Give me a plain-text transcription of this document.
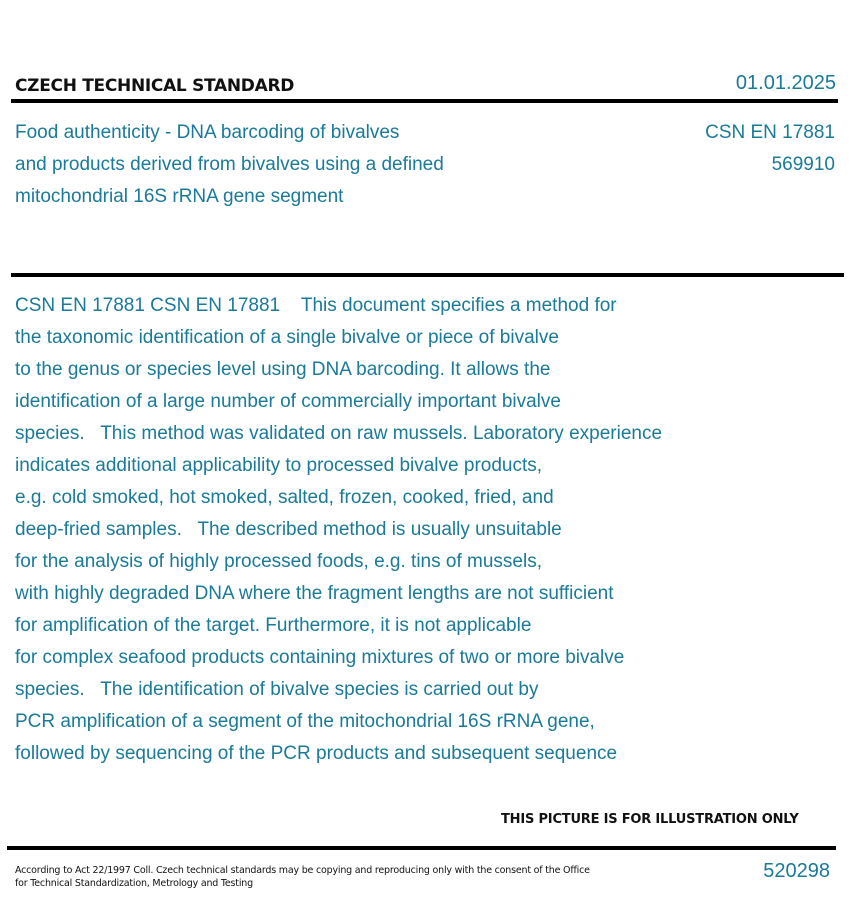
CZECH TECHNICAL STANDARD	01.01.2025
Food authenticity - DNA barcoding of bivalves
and products derived from bivalves using a defined
mitochondrial 16S rRNA gene segment
CSN EN 17881
569910
CSN EN 17881 CSN EN 17881    This document specifies a method for
the taxonomic identification of a single bivalve or piece of bivalve
to the genus or species level using DNA barcoding. It allows the
identification of a large number of commercially important bivalve
species.   This method was validated on raw mussels. Laboratory experience
indicates additional applicability to processed bivalve products,
e.g. cold smoked, hot smoked, salted, frozen, cooked, fried, and
deep-fried samples.   The described method is usually unsuitable
for the analysis of highly processed foods, e.g. tins of mussels,
with highly degraded DNA where the fragment lengths are not sufficient
for amplification of the target. Furthermore, it is not applicable
for complex seafood products containing mixtures of two or more bivalve
species.   The identification of bivalve species is carried out by
PCR amplification of a segment of the mitochondrial 16S rRNA gene,
followed by sequencing of the PCR products and subsequent sequence
THIS PICTURE IS FOR ILLUSTRATION ONLY
According to Act 22/1997 Coll. Czech technical standards may be copying and reproducing only with the consent of the Office
for Technical Standardization, Metrology and Testing
520298
